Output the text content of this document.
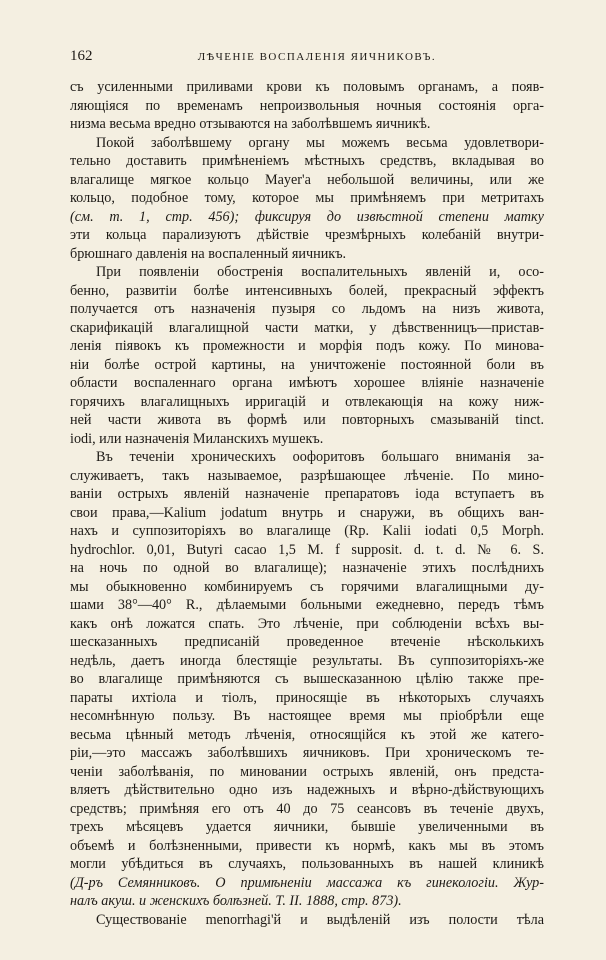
162	ЛѢЧЕНІЕ ВОСПАЛЕНІЯ ЯИЧНИКОВЪ.
съ усиленными приливами крови къ половымъ органамъ, а появ-
ляющіяся по временамъ непроизвольныя ночныя состоянія орга-
низма весьма вредно отзываются на заболѣвшемъ яичникѣ.
Покой заболѣвшему органу мы можемъ весьма удовлетвори-
тельно доставить примѣненіемъ мѣстныхъ средствъ, вкладывая во
влагалище мягкое кольцо Mayer'а небольшой величины, или же
кольцо, подобное тому, которое мы примѣняемъ при метритахъ
(см. т. 1, стр. 456); фиксируя до извѣстной степени матку
эти кольца парализуютъ дѣйствіе чрезмѣрныхъ колебаній внутри-
брюшнаго давленія на воспаленный яичникъ.
При появленіи обостренія воспалительныхъ явленій и, осо-
бенно, развитіи болѣе интенсивныхъ болей, прекрасный эффектъ
получается отъ назначенія пузыря со льдомъ на низъ живота,
скарификацій влагалищной части матки, у дѣвственницъ—пристав-
ленія піявокъ къ промежности и морфія подъ кожу. По минова-
ніи болѣе острой картины, на уничтоженіе постоянной боли въ
области воспаленнаго органа имѣютъ хорошее вліяніе назначеніе
горячихъ влагалищныхъ ирригацій и отвлекающія на кожу ниж-
ней части живота въ формѣ или повторныхъ смазываній tinct.
iodi, или назначенія Миланскихъ мушекъ.
Въ теченіи хроническихъ оофоритовъ большаго вниманія за-
служиваетъ, такъ называемое, разрѣшающее лѣченіе. По мино-
ваніи острыхъ явленій назначеніе препаратовъ іода вступаетъ въ
свои права,—Kalium jodatum внутрь и снаружи, въ общихъ ван-
нахъ и суппозиторіяхъ во влагалище (Rp. Kalii iodati 0,5 Morph.
hydrochlor. 0,01, Butyri cacao 1,5 M. f supposit. d. t. d. № 6. S.
на ночь по одной во влагалище); назначеніе этихъ послѣднихъ
мы обыкновенно комбинируемъ съ горячими влагалищными ду-
шами 38°—40° R., дѣлаемыми больными ежедневно, передъ тѣмъ
какъ онѣ ложатся спать. Это лѣченіе, при соблюденіи всѣхъ вы-
шесказанныхъ предписаній проведенное втеченіе нѣсколькихъ
недѣль, даетъ иногда блестящіе результаты. Въ суппозиторіяхъ-же
во влагалище примѣняются съ вышесказанною цѣлію также пре-
параты ихтіола и тіолъ, приносящіе въ нѣкоторыхъ случаяхъ
несомнѣнную пользу. Въ настоящее время мы пріобрѣли еще
весьма цѣнный методъ лѣченія, относящійся къ этой же катего-
ріи,—это массажъ заболѣвшихъ яичниковъ. При хроническомъ те-
ченіи заболѣванія, по миновании острыхъ явленій, онъ предста-
вляетъ дѣйствительно одно изъ надежныхъ и вѣрно-дѣйствующихъ
средствъ; примѣняя его отъ 40 до 75 сеансовъ въ теченіе двухъ,
трехъ мѣсяцевъ удается яичники, бывшіе увеличенными въ
объемѣ и болѣзненными, привести къ нормѣ, какъ мы въ этомъ
могли убѣдиться въ случаяхъ, пользованныхъ въ нашей клиникѣ
(Д-ръ Семянниковъ. О примѣненіи массажа къ гинекологіи. Жур-
налъ акуш. и женскихъ болѣзней. Т. II. 1888, стр. 873).
Существованіе menorrhagi'й и выдѣленій изъ полости тѣла
